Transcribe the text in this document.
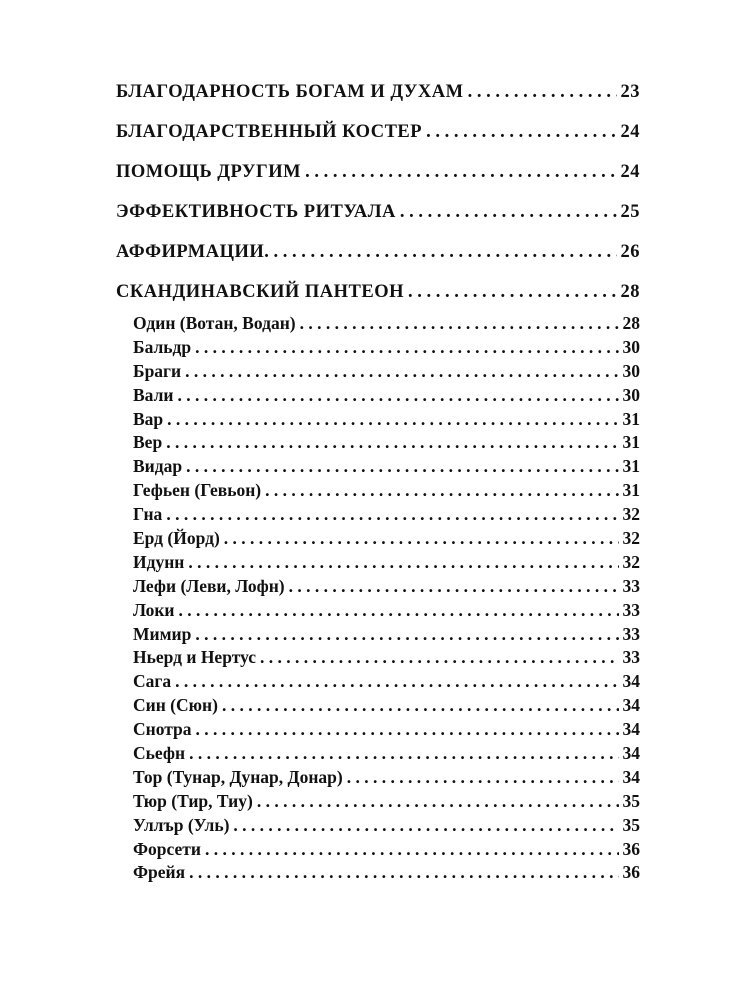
БЛАГОДАРНОСТЬ БОГАМ И ДУХАМ . . .	23
БЛАГОДАРСТВЕННЫЙ КОСТЕР . . .	24
ПОМОЩЬ ДРУГИМ . . .	24
ЭФФЕКТИВНОСТЬ РИТУАЛА . . .	25
АФФИРМАЦИИ. . . .	26
СКАНДИНАВСКИЙ ПАНТЕОН . . .	28
Один (Вотан, Водан) . . .	28
Бальдр . . .	30
Браги . . .	30
Вали . . .	30
Вар . . .	31
Вер . . .	31
Видар . . .	31
Гефьен (Гевьон) . . .	31
Гна . . .	32
Ерд (Йорд) . . .	32
Идунн . . .	32
Лефи (Леви, Лофн) . . .	33
Локи . . .	33
Мимир . . .	33
Ньерд и Нертус . . .	33
Сага . . .	34
Син (Сюн) . . .	34
Снотра . . .	34
Сьефн . . .	34
Тор (Тунар, Дунар, Донар) . . .	34
Тюр (Тир, Тиу) . . .	35
Уллър (Уль) . . .	35
Форсети . . .	36
Фрейя . . .	36
